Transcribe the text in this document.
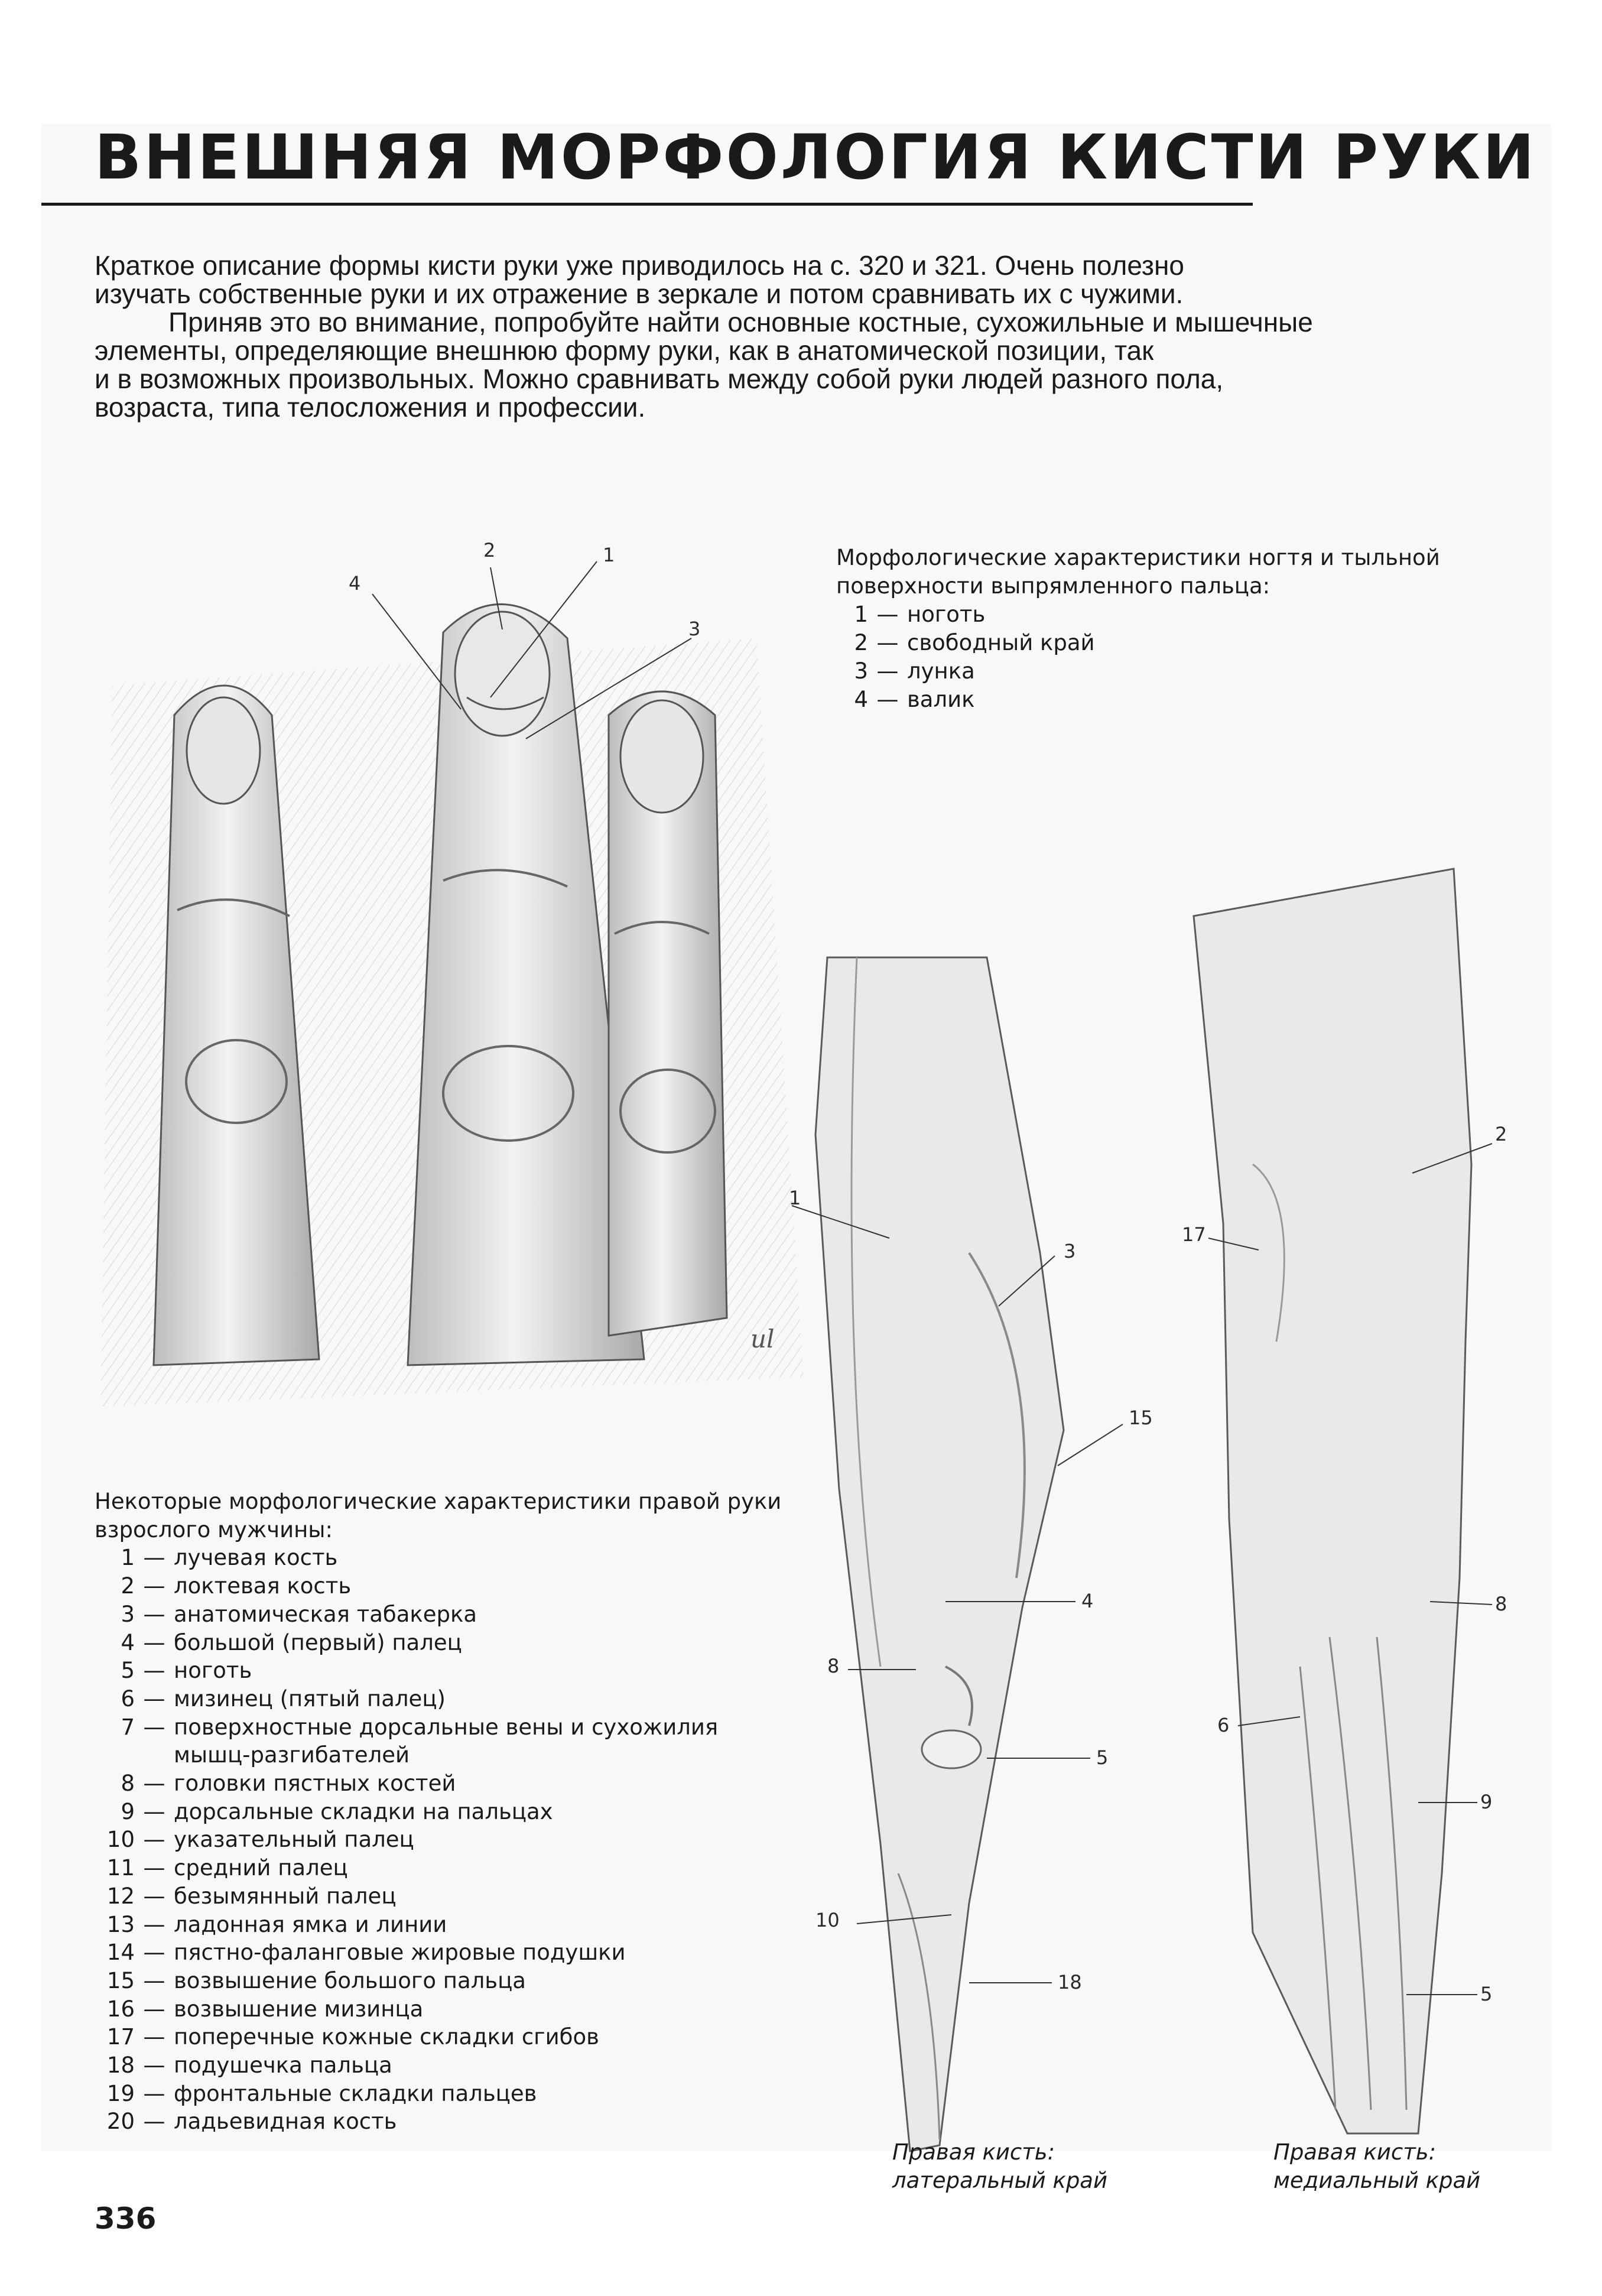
ВНЕШНЯЯ МОРФОЛОГИЯ КИСТИ РУКИ

Краткое описание формы кисти руки уже приводилось на с. 320 и 321. Очень полезно

изучать собственные руки и их отражение в зеркале и потом сравнивать их с чужими.

Приняв это во внимание, попробуйте найти основные костные, сухожильные и мышечные

элементы, определяющие внешнюю форму руки, как в анатомической позиции, так

и в возможных произвольных. Можно сравнивать между собой руки людей разного пола,

возраста, типа телосложения и профессии.

4
2	1
3
ul

Морфологические характеристики ногтя и тыльной

поверхности выпрямленного пальца:

1 — ноготь
2 — свободный край
3 — лунка
4 — валик
1
3
15
4
8
5
10
18
Правая кисть:
латеральный край
2
17
8
6
9
5
Правая кисть:
медиальный край

Некоторые морфологические характеристики правой руки

взрослого мужчины:

1 — лучевая кость
2 — локтевая кость
3 — анатомическая табакерка
4 — большой (первый) палец
5 — ноготь
6 — мизинец (пятый палец)
7 — поверхностные дорсальные вены и сухожилия
мышц-разгибателей
8 — головки пястных костей
9 — дорсальные складки на пальцах
10 — указательный палец
11 — средний палец
12 — безымянный палец
13 — ладонная ямка и линии
14 — пястно-фаланговые жировые подушки
15 — возвышение большого пальца
16 — возвышение мизинца
17 — поперечные кожные складки сгибов
18 — подушечка пальца
19 — фронтальные складки пальцев
20 — ладьевидная кость
336
